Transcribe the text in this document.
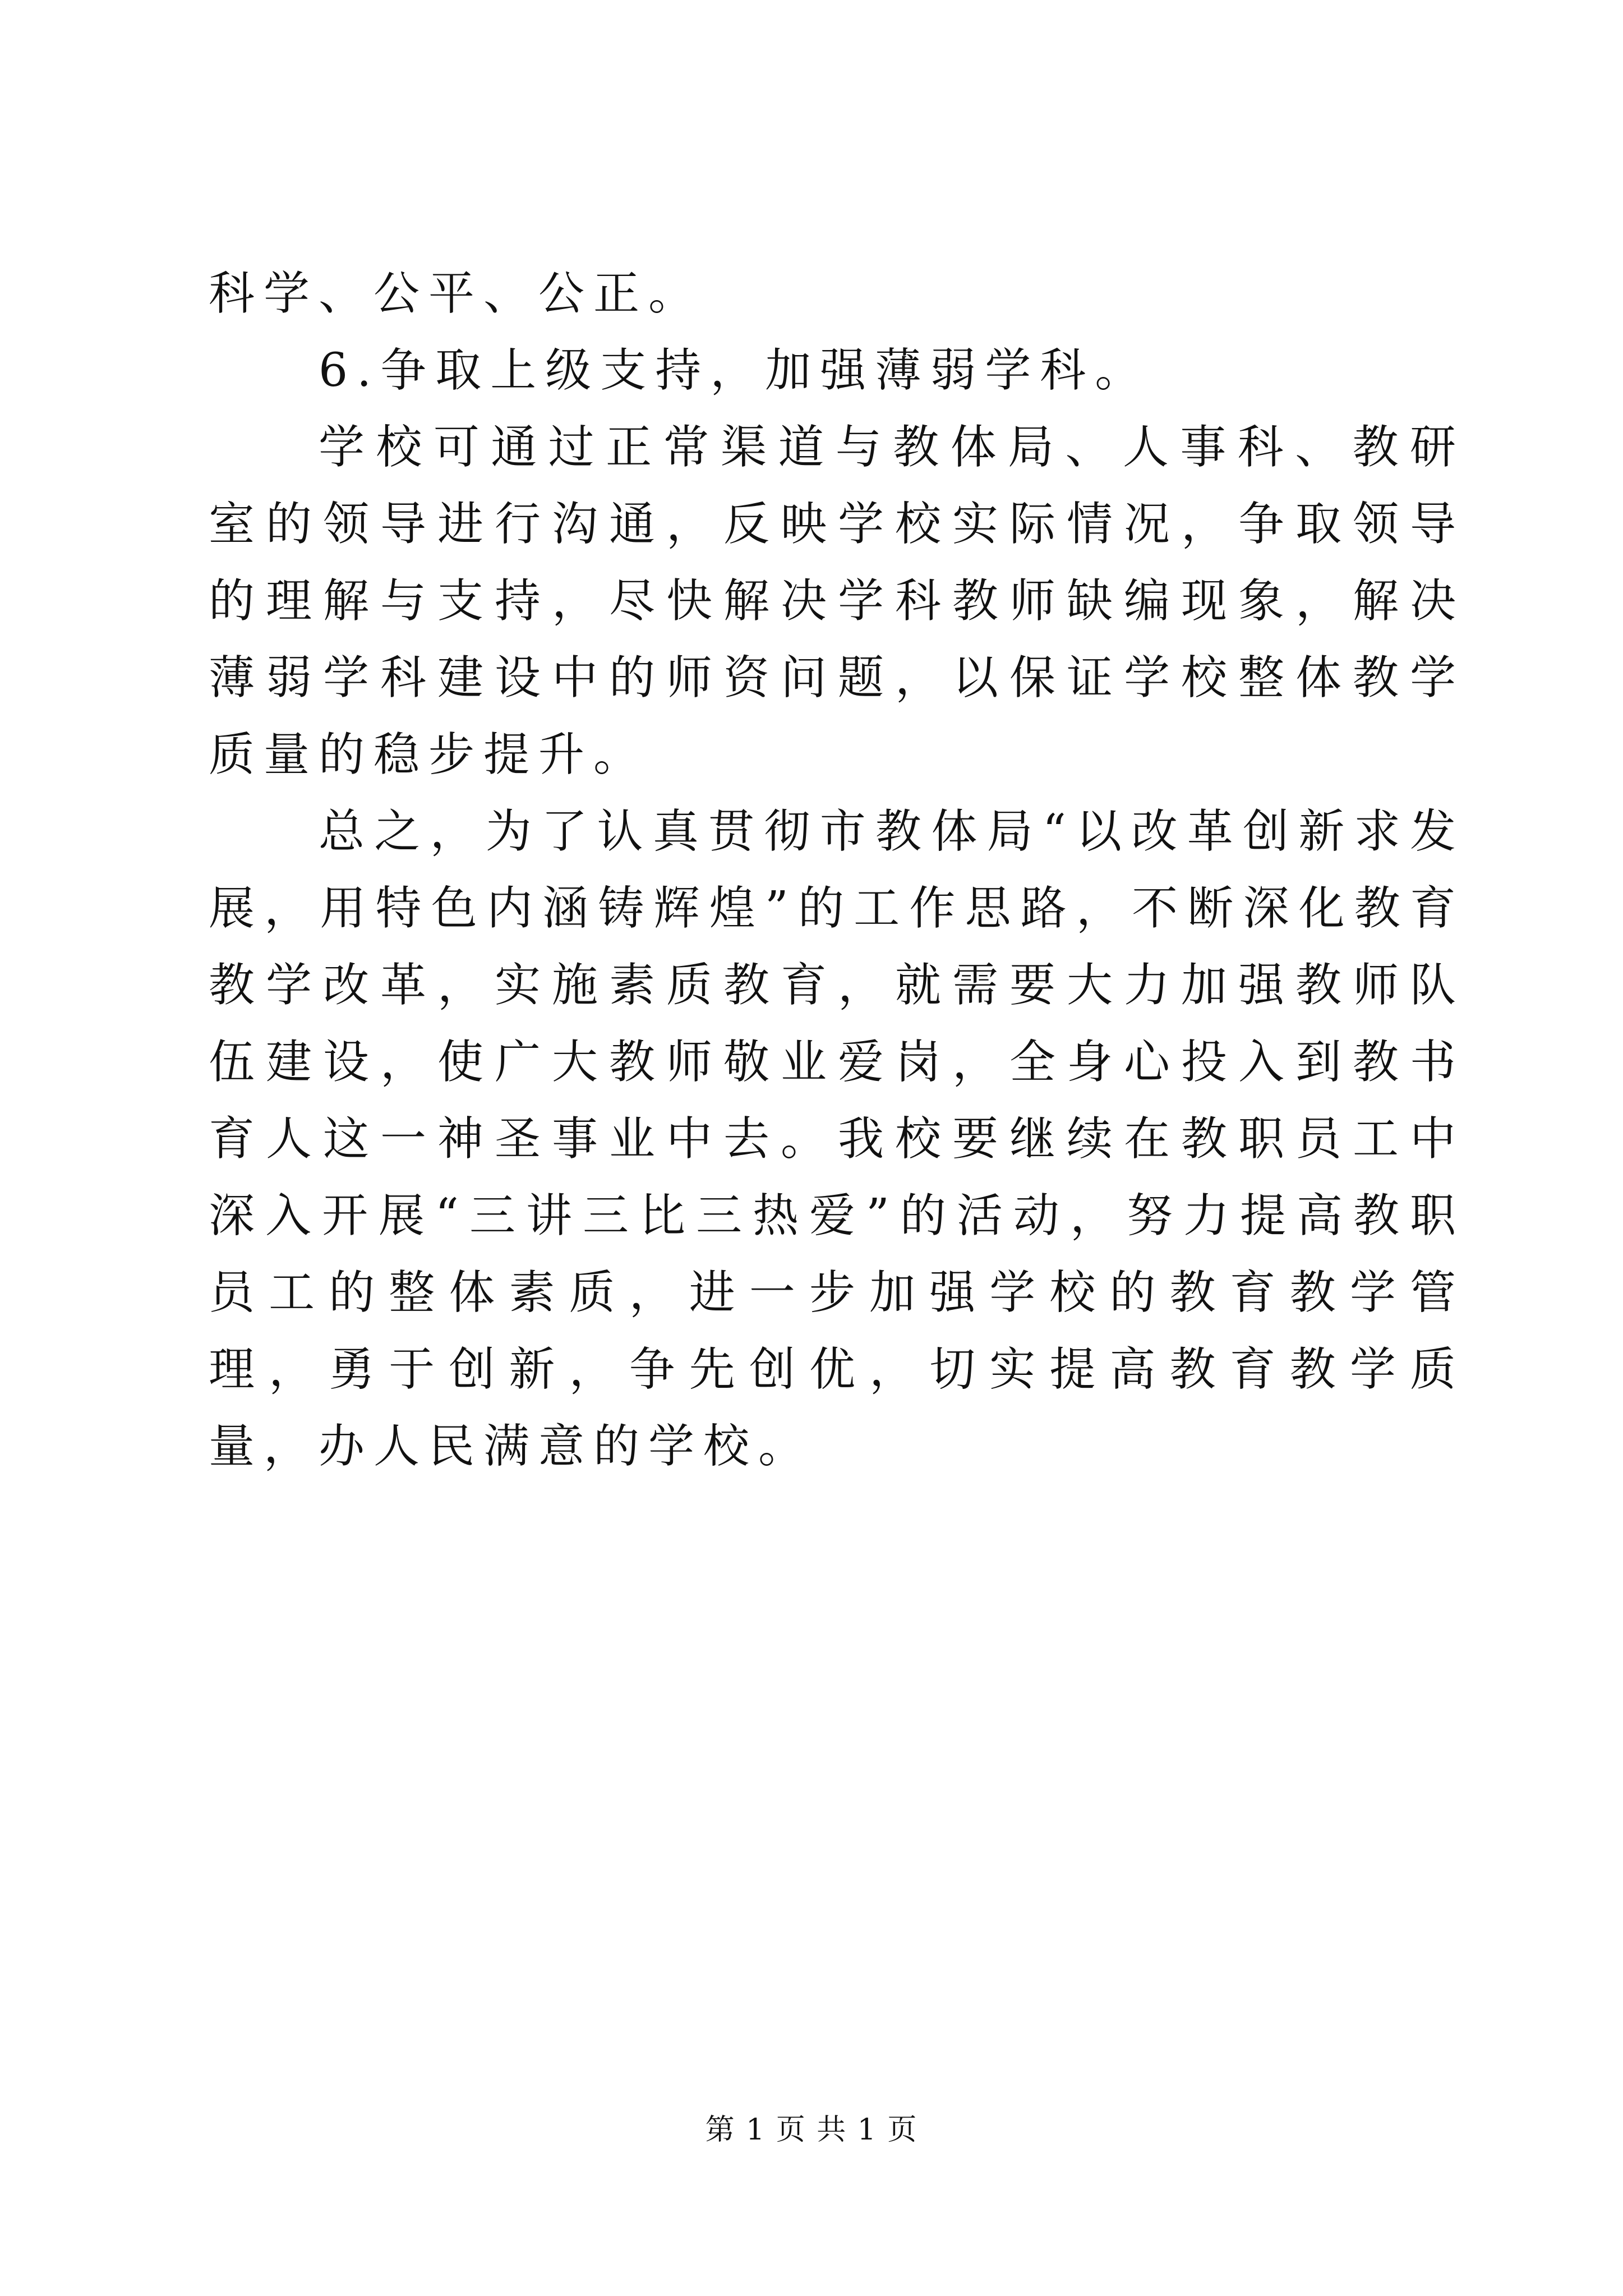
科学、公平、公正。

6.争取上级支持，加强薄弱学科。

学校可通过正常渠道与教体局、人事科、教研室的领导进行沟通，反映学校实际情况，争取领导的理解与支持，尽快解决学科教师缺编现象，解决薄弱学科建设中的师资问题，以保证学校整体教学质量的稳步提升。

总之，为了认真贯彻市教体局“以改革创新求发展，用特色内涵铸辉煌”的工作思路，不断深化教育教学改革，实施素质教育，就需要大力加强教师队伍建设，使广大教师敬业爱岗，全身心投入到教书育人这一神圣事业中去。我校要继续在教职员工中深入开展“三讲三比三热爱”的活动，努力提高教职员工的整体素质，进一步加强学校的教育教学管理，勇于创新，争先创优，切实提高教育教学质量，办人民满意的学校。

第 1 页 共 1 页
